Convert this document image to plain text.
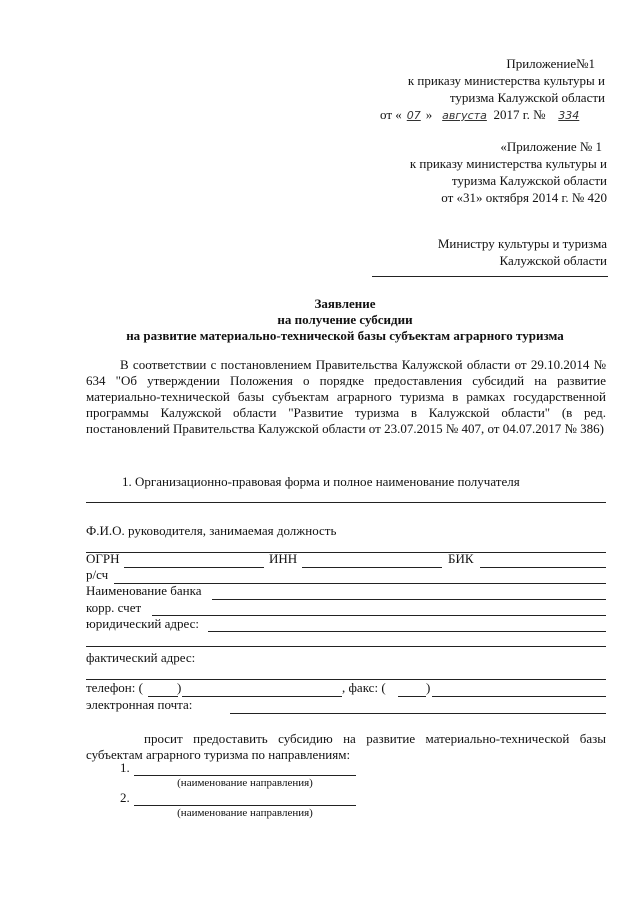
Приложение№1
к приказу министерства культуры и
туризма Калужской области
от « 07 » августа 2017 г. № 334
«Приложение № 1
к приказу министерства культуры и
туризма Калужской области
от «31» октября 2014 г. № 420
Министру культуры и туризма
Калужской области
Заявление
на получение субсидии
на развитие материально-технической базы субъектам аграрного туризма
В соответствии с постановлением Правительства Калужской области от 29.10.2014 № 634 "Об утверждении Положения о порядке предоставления субсидий на развитие материально-технической базы субъектам аграрного туризма в рамках государственной программы Калужской области "Развитие туризма в Калужской области" (в ред. постановлений Правительства Калужской области от 23.07.2015 № 407, от 04.07.2017 № 386)
1. Организационно-правовая форма и полное наименование получателя
Ф.И.О. руководителя, занимаемая должность
ОГРН	ИНН	БИК
р/сч
Наименование банка
корр. счет
юридический адрес:
фактический адрес:
телефон: (	)	, факс: (	)
электронная почта:
просит предоставить субсидию на развитие материально-технической базы субъектам аграрного туризма по направлениям:
1.
(наименование направления)
2.
(наименование направления)
